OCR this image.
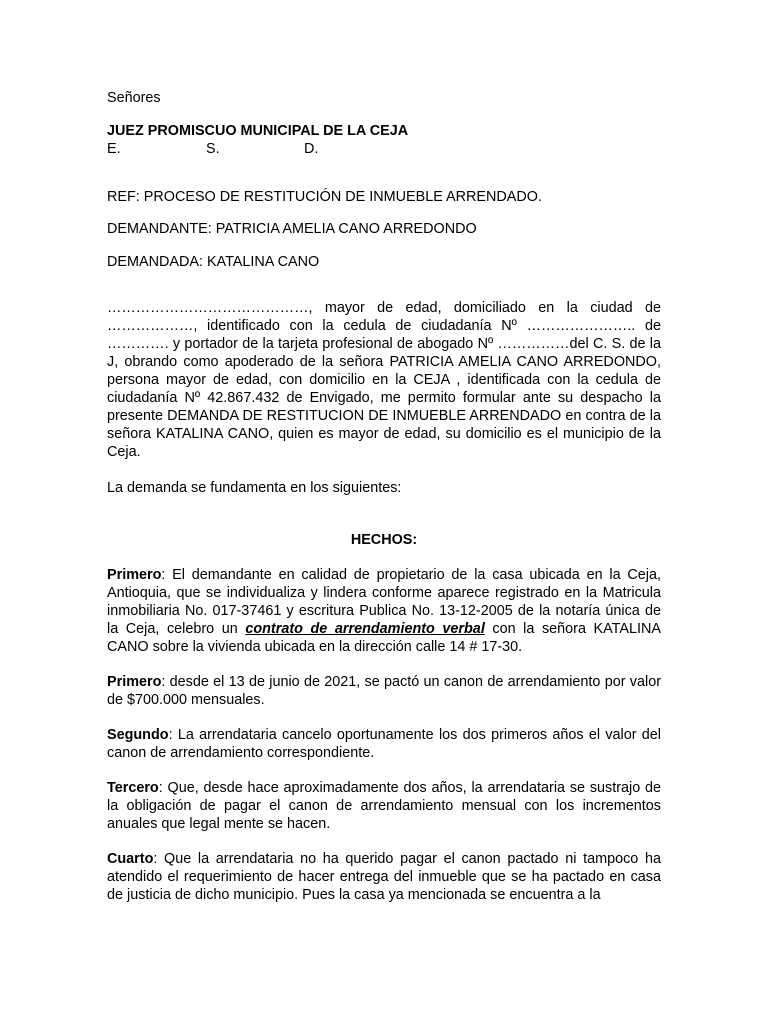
Señores

JUEZ PROMISCUO MUNICIPAL DE LA CEJA

E.	S.	D.

REF: PROCESO DE RESTITUCIÓN DE INMUEBLE ARRENDADO.

DEMANDANTE: PATRICIA AMELIA CANO ARREDONDO

DEMANDADA: KATALINA CANO

……………………………………, mayor de edad, domiciliado en la ciudad de ………………, identificado con la cedula de ciudadanía Nº ………………….. de …………. y portador de la tarjeta profesional de abogado Nº ……………del C. S. de la J, obrando como apoderado de la señora PATRICIA AMELIA CANO ARREDONDO, persona mayor de edad, con domicilio en la CEJA , identificada con la cedula de ciudadanía Nº 42.867.432 de Envigado, me permito formular ante su despacho la presente DEMANDA DE RESTITUCION DE INMUEBLE ARRENDADO en contra de la señora KATALINA CANO, quien es mayor de edad, su domicilio es el municipio de la Ceja.

La demanda se fundamenta en los siguientes:

HECHOS:

Primero: El demandante en calidad de propietario de la casa ubicada en la Ceja, Antioquia, que se individualiza y lindera conforme aparece registrado en la Matricula inmobiliaria No. 017-37461 y escritura Publica No. 13-12-2005 de la notaría única de la Ceja, celebro un contrato de arrendamiento verbal con la señora KATALINA CANO sobre la vivienda ubicada en la dirección calle 14 # 17-30.

Primero: desde el 13 de junio de 2021, se pactó un canon de arrendamiento por valor de $700.000 mensuales.

Segundo: La arrendataria cancelo oportunamente los dos primeros años el valor del canon de arrendamiento correspondiente.

Tercero: Que, desde hace aproximadamente dos años, la arrendataria se sustrajo de la obligación de pagar el canon de arrendamiento mensual con los incrementos anuales que legal mente se hacen.

Cuarto: Que la arrendataria no ha querido pagar el canon pactado ni tampoco ha atendido el requerimiento de hacer entrega del inmueble que se ha pactado en casa de justicia de dicho municipio. Pues la casa ya mencionada se encuentra a la
